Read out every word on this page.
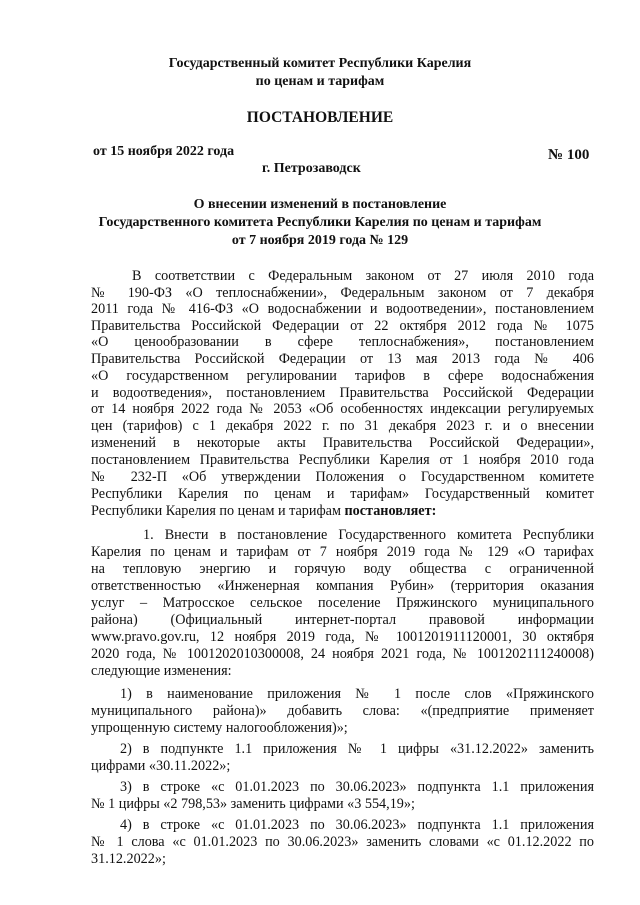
Государственный комитет Республики Карелия

по ценам и тарифам

ПОСТАНОВЛЕНИЕ

от 15 ноября 2022 года	№ 100

г. Петрозаводск

О внесении изменений в постановление

Государственного комитета Республики Карелия по ценам и тарифам

от 7 ноября 2019 года № 129

В соответствии с Федеральным законом от 27 июля 2010 года

№ 190-ФЗ «О теплоснабжении», Федеральным законом от 7 декабря

2011 года № 416-ФЗ «О водоснабжении и водоотведении», постановлением

Правительства Российской Федерации от 22 октября 2012 года № 1075

«О ценообразовании в сфере теплоснабжения», постановлением

Правительства Российской Федерации от 13 мая 2013 года № 406

«О государственном регулировании тарифов в сфере водоснабжения

и водоотведения», постановлением Правительства Российской Федерации

от 14 ноября 2022 года № 2053 «Об особенностях индексации регулируемых

цен (тарифов) с 1 декабря 2022 г. по 31 декабря 2023 г. и о внесении

изменений в некоторые акты Правительства Российской Федерации»,

постановлением Правительства Республики Карелия от 1 ноября 2010 года

№ 232-П «Об утверждении Положения о Государственном комитете

Республики Карелия по ценам и тарифам» Государственный комитет

Республики Карелия по ценам и тарифам постановляет:

1. Внести в постановление Государственного комитета Республики

Карелия по ценам и тарифам от 7 ноября 2019 года № 129 «О тарифах

на тепловую энергию и горячую воду общества с ограниченной

ответственностью «Инженерная компания Рубин» (территория оказания

услуг – Матросское сельское поселение Пряжинского муниципального

района) (Официальный интернет-портал правовой информации

www.pravo.gov.ru, 12 ноября 2019 года, № 1001201911120001, 30 октября

2020 года, № 1001202010300008, 24 ноября 2021 года, № 1001202111240008)

следующие изменения:

1) в наименование приложения № 1 после слов «Пряжинского

муниципального района)» добавить слова: «(предприятие применяет

упрощенную систему налогообложения)»;

2) в подпункте 1.1 приложения № 1 цифры «31.12.2022» заменить

цифрами «30.11.2022»;

3) в строке «с 01.01.2023 по 30.06.2023» подпункта 1.1 приложения

№ 1 цифры «2 798,53» заменить цифрами «3 554,19»;

4) в строке «с 01.01.2023 по 30.06.2023» подпункта 1.1 приложения

№ 1 слова «с 01.01.2023 по 30.06.2023» заменить словами «с 01.12.2022 по

31.12.2022»;
